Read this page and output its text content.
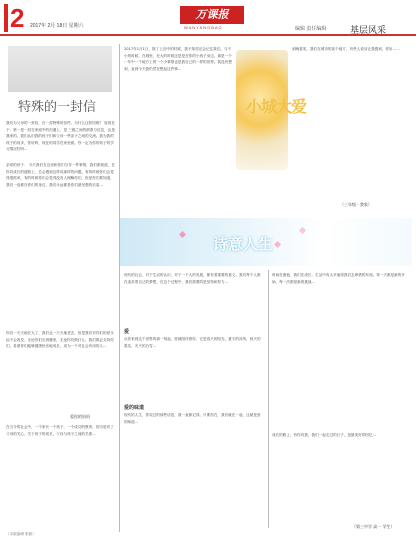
2	2017年 2月 18日 星期六
万课报
WANYANGBAO	编辑 责任编辑	基层风采
特殊的一封信
我们为父母的一封信，在一封特殊的信件。为什么这样回呢？ 原因在于：第一是一封在家庭中的沟通上，是 三级之间的联系与信息，也是我家的。我们认识我的孩子们和父母一些亲子之间的交流。我为我的孩子的同步，你好吗，现在的同学在家里面。你一定为你的孩子的学习情况好吗...
亲爱的孩子： 今天我们在这里和你们分享一件事情，我们都知道，在你们成长的道路上，总会遇到这样或那样的问题，有的时候你们会觉得很孤单，有的时候你们会觉得没有人理解你们，但是你们要知道，我们一直都在你们的身边，我们永远都是你们最坚强的后盾...
你们一天天地长大了，我们也一天天地老去，但是我们对你们的爱永远不会改变，无论你们走到哪里，无论你们做什么，我们都会支持你们，希望你们能够健康快乐地成长，成为一个对社会有用的人...
爱你的妈妈
在当今的社会中，一个家长一个孩子，一个成功的教育，因为是有了父母的关心，关于孩子的成长，父母与孩子之间的关系...
2017年1月1日，除了上初中的时候，我不知你还会记住我们。与不小的时候，在城里，在大的时候还是是在你的小孩子身边。那是一个一年中一个地方上的一个小事情也是我自己的一样的世界。我没有想到，直到今天我仍然在想起这件事...
小城大爱
到晚看见，我们在城市的某个地方，有些人说话让我感到，你好……
（三年级 · 我家）
诗意人生
现代的社会，对于生活的认识，对于一个人的发展，都有着重要的意义。我们每个人都在追求着自己的梦想，在这个过程中，我们需要的是坚持和努力...
爱
从你来到这个世界的那一刻起，爱就陪伴着你，它是春天的阳光，夏天的凉风，秋天的果实，冬天的白雪...
爱的味道
现代的人生，你说过的那些话语，我一直都记得。只要你在，我们就在一起，这就是爱的味道...
时间在流逝，我们在成长，生活中有太多值得我们去珍惜的东西。每一天都是新的开始，每一次都是新的挑战...
成长的路上，有你有我，我们一起走过的日子，是最美好的回忆...
（第三中学 高一 学生）
（本版编辑 张颖）
